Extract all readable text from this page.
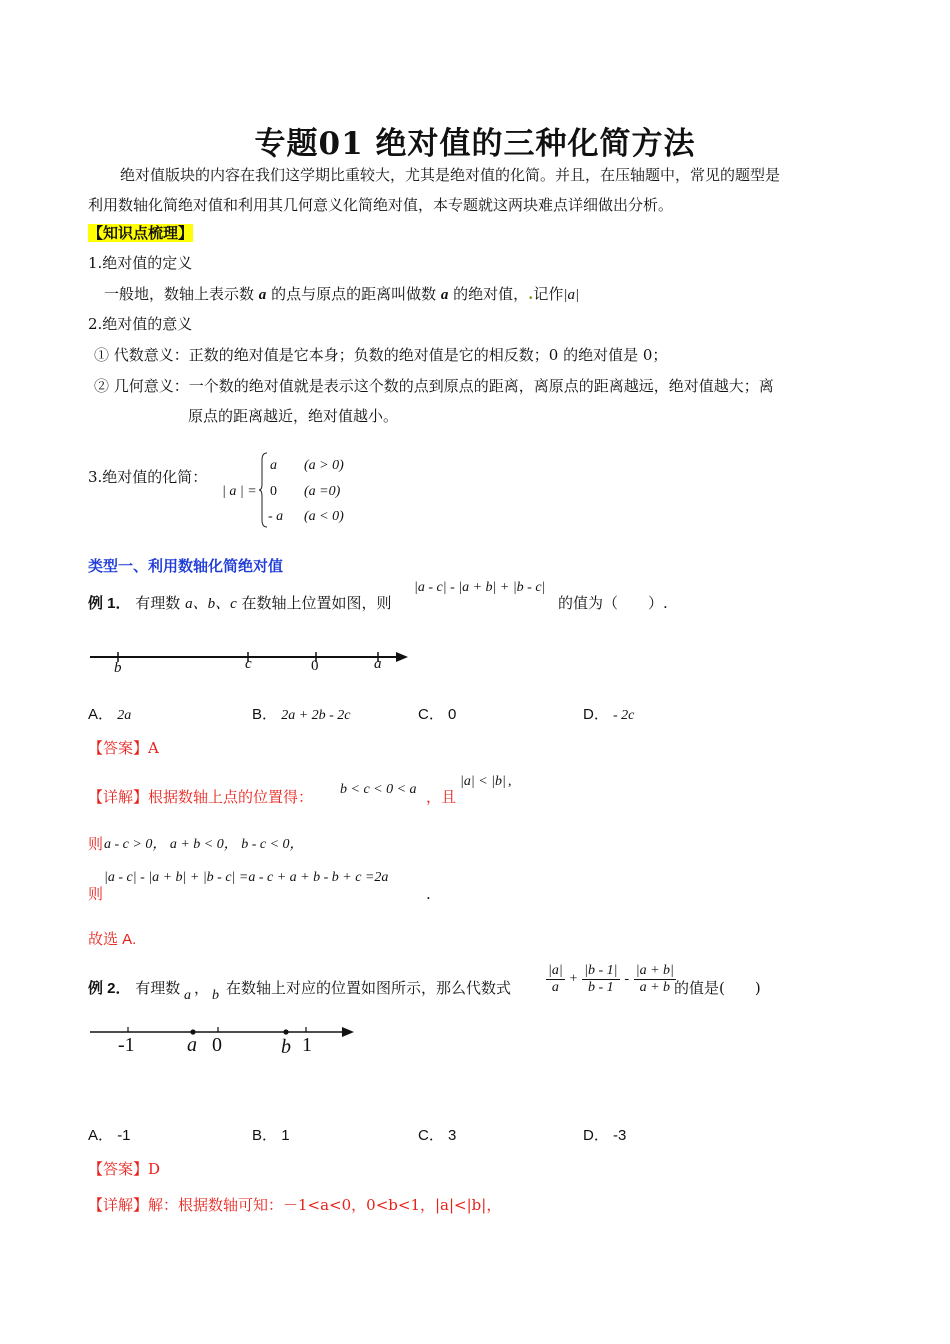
专题01 绝对值的三种化简方法
绝对值版块的内容在我们这学期比重较大，尤其是绝对值的化简。并且，在压轴题中，常见的题型是
利用数轴化简绝对值和利用其几何意义化简绝对值，本专题就这两块难点详细做出分析。
【知识点梳理】
1.绝对值的定义
一般地，数轴上表示数 a 的点与原点的距离叫做数 a 的绝对值，.记作|a|
2.绝对值的意义
① 代数意义：正数的绝对值是它本身；负数的绝对值是它的相反数；0 的绝对值是 0；
② 几何意义：一个数的绝对值就是表示这个数的点到原点的距离，离原点的距离越远，绝对值越大；离
原点的距离越近，绝对值越小。
3.绝对值的化简：
| a | =
a (a > 0)
0 (a =0)
- a (a < 0)
类型一、利用数轴化简绝对值
例 1． 有理数 a、b、c 在数轴上位置如图，则
|a - c| - |a + b| + |b - c|
的值为（　　）.
b	c	0	a
A． 2a	B． 2a + 2b - 2c	C． 0	D． - 2c
【答案】A
【详解】根据数轴上点的位置得： b < c < 0 < a ，且
|a| < |b| ,
则 a - c > 0， a + b < 0， b - c < 0，
则
|a - c| - |a + b| + |b - c| =a - c + a + b - b + c =2a
.
故选 A.
例 2． 有理数 a ， b 在数轴上对应的位置如图所示，那么代数式 $\frac{|a|}{a} + \frac{|b - 1|}{b - 1} - \frac{|a + b|}{a + b}$
的值是(　　)
-1	a 0	b 1
A． -1	B． 1	C． 3	D． -3
【答案】D
【详解】解：根据数轴可知：－1<a<0，0<b<1，|a|<|b|，
